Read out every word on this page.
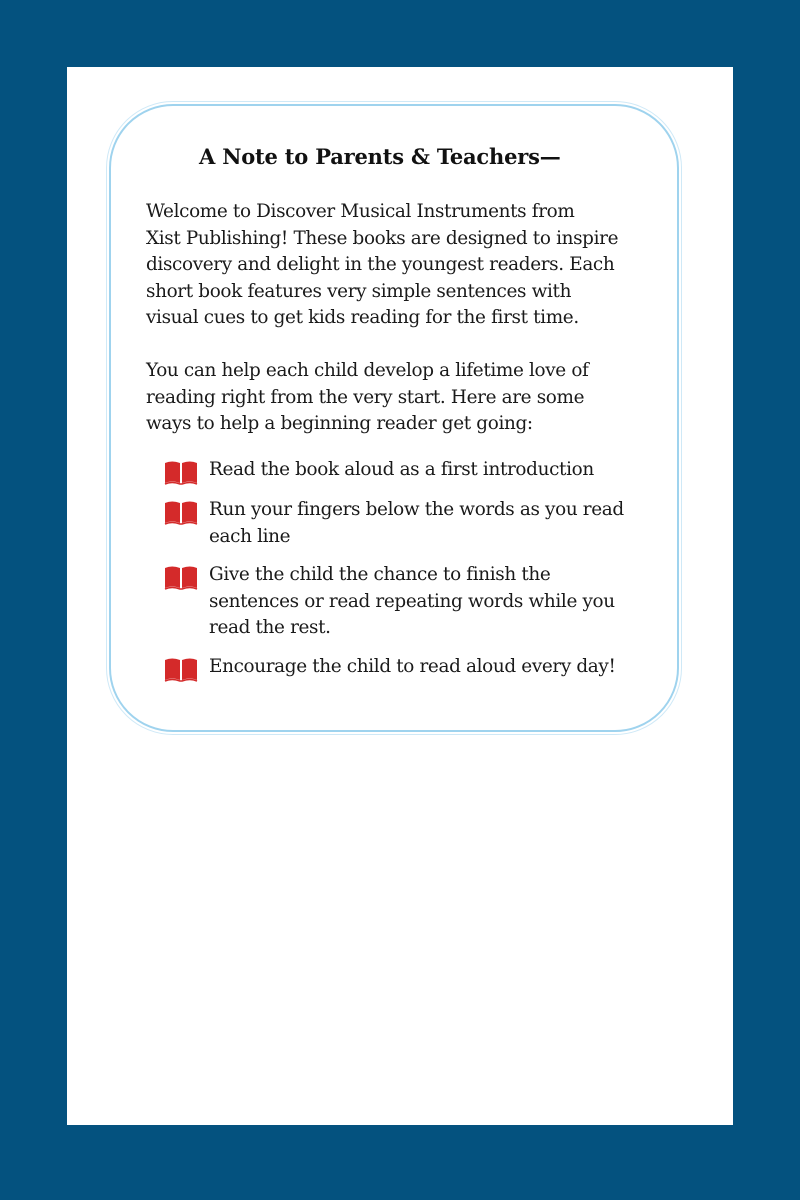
A Note to Parents & Teachers—

Welcome to Discover Musical Instruments from
Xist Publishing! These books are designed to inspire
discovery and delight in the youngest readers. Each
short book features very simple sentences with
visual cues to get kids reading for the first time.

You can help each child develop a lifetime love of
reading right from the very start. Here are some
ways to help a beginning reader get going:

Read the book aloud as a first introduction
Run your fingers below the words as you read
each line
Give the child the chance to finish the
sentences or read repeating words while you
read the rest.
Encourage the child to read aloud every day!
